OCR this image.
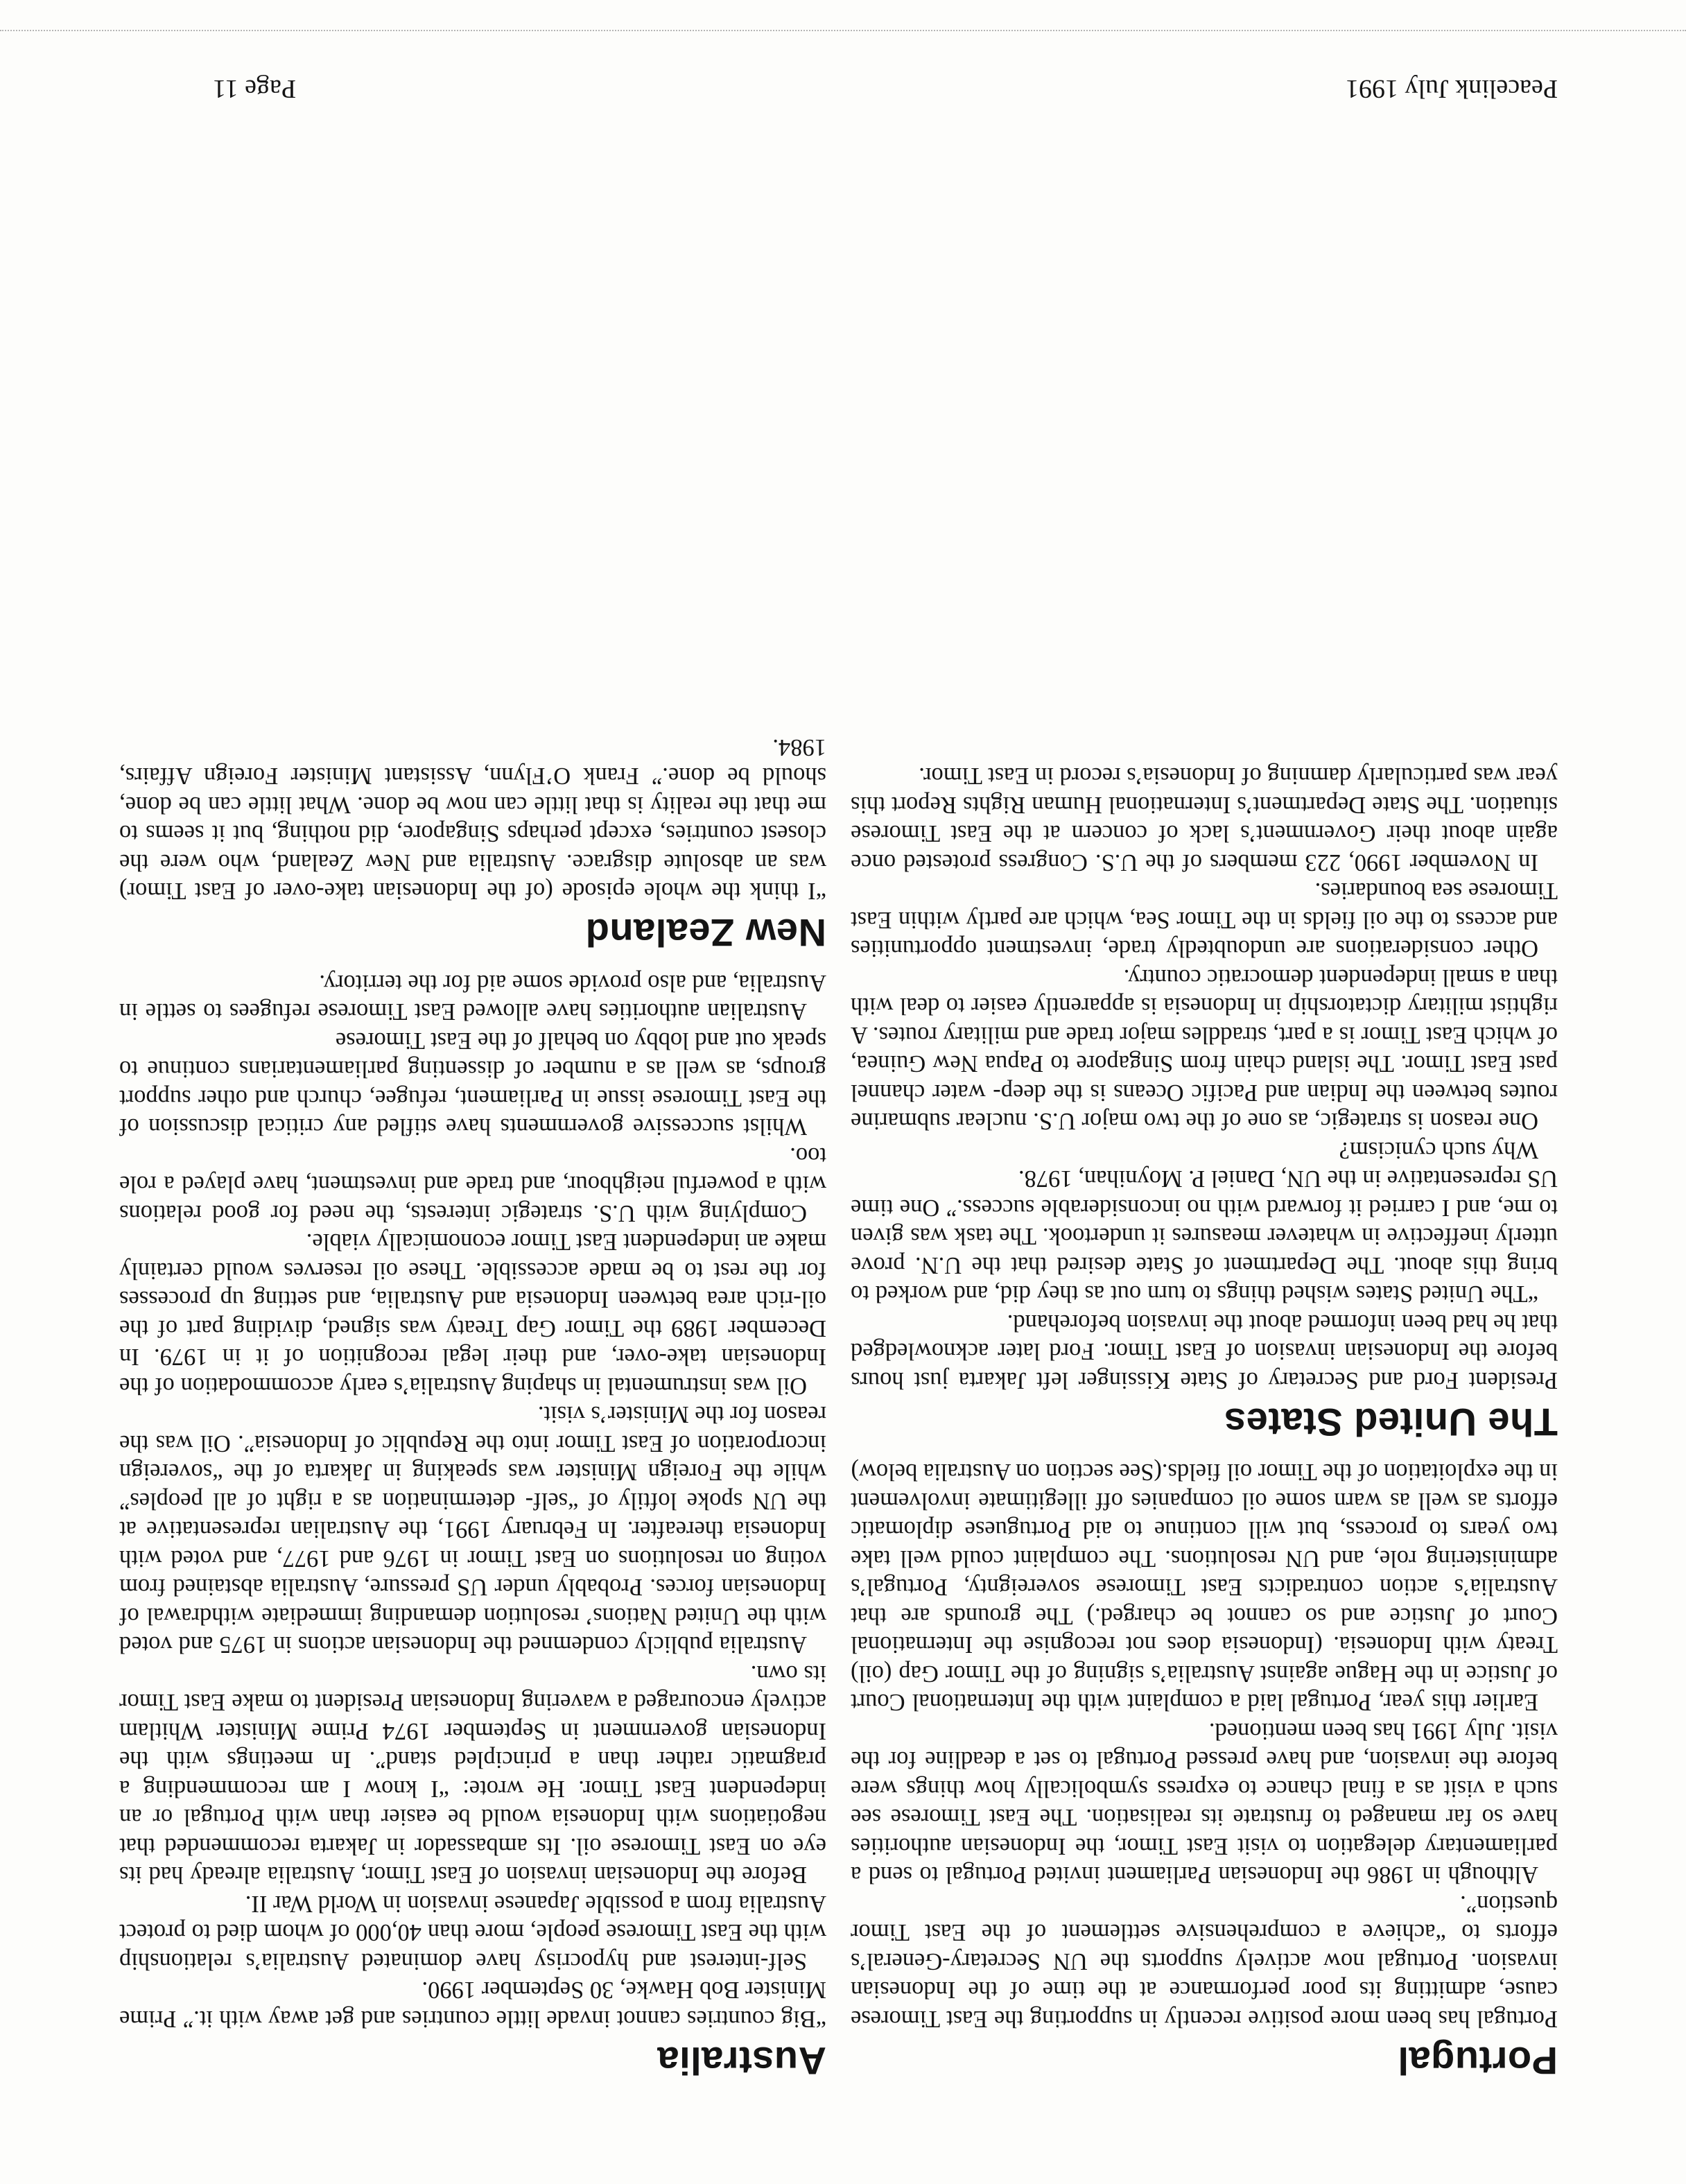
Portugal

Portugal has been more positive recently in supporting the East Timorese cause, admitting its poor performance at the time of the Indonesian invasion. Portugal now actively supports the UN Secretary-General’s efforts to “achieve a comprehensive settlement of the East Timor question”.

Although in 1986 the Indonesian Parliament invited Portugal to send a parliamentary delegation to visit East Timor, the Indonesian authorities have so far managed to frustrate its realisation. The East Timorese see such a visit as a final chance to express symbolically how things were before the invasion, and have pressed Portugal to set a deadline for the visit. July 1991 has been mentioned.

Earlier this year, Portugal laid a complaint with the International Court of Justice in the Hague against Australia’s signing of the Timor Gap (oil) Treaty with Indonesia. (Indonesia does not recognise the International Court of Justice and so cannot be charged.) The grounds are that Australia’s action contradicts East Timorese sovereignty, Portugal’s administering role, and UN resolutions. The complaint could well take two years to process, but will continue to aid Portuguese diplomatic efforts as well as warn some oil companies off illegitimate involvement in the exploitation of the Timor oil fields.(See section on Australia below)

The United States

President Ford and Secretary of State Kissinger left Jakarta just hours before the Indonesian invasion of East Timor. Ford later acknowledged that he had been informed about the invasion beforehand.

“The United States wished things to turn out as they did, and worked to bring this about. The Department of State desired that the U.N. prove utterly ineffective in whatever measures it undertook. The task was given to me, and I carried it forward with no inconsiderable success.” One time US representative in the UN, Daniel P. Moynihan, 1978.

Why such cynicism?

One reason is strategic, as one of the two major U.S. nuclear submarine routes between the Indian and Pacific Oceans is the deep- water channel past East Timor. The island chain from Singapore to Papua New Guinea, of which East Timor is a part, straddles major trade and military routes. A rightist military dictatorship in Indonesia is apparently easier to deal with than a small independent democratic country.

Other considerations are undoubtedly trade, investment opportunities and access to the oil fields in the Timor Sea, which are partly within East Timorese sea boundaries.

In November 1990, 223 members of the U.S. Congress protested once again about their Government’s lack of concern at the East Timorese situation. The State Department’s International Human Rights Report this year was particularly damning of Indonesia’s record in East Timor.

Australia

“Big countries cannot invade little countries and get away with it.” Prime Minister Bob Hawke, 30 September 1990.

Self-interest and hypocrisy have dominated Australia’s relationship with the East Timorese people, more than 40,000 of whom died to protect Australia from a possible Japanese invasion in World War II.

Before the Indonesian invasion of East Timor, Australia already had its eye on East Timorese oil. Its ambassador in Jakarta recommended that negotiations with Indonesia would be easier than with Portugal or an independent East Timor. He wrote: “I know I am recommending a pragmatic rather than a principled stand”. In meetings with the Indonesian government in September 1974 Prime Minister Whitlam actively encouraged a wavering Indonesian President to make East Timor its own.

Australia publicly condemned the Indonesian actions in 1975 and voted with the United Nations’ resolution demanding immediate withdrawal of Indonesian forces. Probably under US pressure, Australia abstained from voting on resolutions on East Timor in 1976 and 1977, and voted with Indonesia thereafter. In February 1991, the Australian representative at the UN spoke loftily of “self- determination as a right of all peoples” while the Foreign Minister was speaking in Jakarta of the “sovereign incorporation of East Timor into the Republic of Indonesia”. Oil was the reason for the Minister’s visit.

Oil was instrumental in shaping Australia’s early accommodation of the Indonesian take-over, and their legal recognition of it in 1979. In December 1989 the Timor Gap Treaty was signed, dividing part of the oil-rich area between Indonesia and Australia, and setting up processes for the rest to be made accessible. These oil reserves would certainly make an independent East Timor economically viable.

Complying with U.S. strategic interests, the need for good relations with a powerful neighbour, and trade and investment, have played a role too.

Whilst successive governments have stifled any critical discussion of the East Timorese issue in Parliament, refugee, church and other support groups, as well as a number of dissenting parliamentarians continue to speak out and lobby on behalf of the East Timorese

Australian authorities have allowed East Timorese refugees to settle in Australia, and also provide some aid for the territory.

New Zealand

“I think the whole episode (of the Indonesian take-over of East Timor) was an absolute disgrace. Australia and New Zealand, who were the closest countries, except perhaps Singapore, did nothing, but it seems to me that the reality is that little can now be done. What little can be done, should be done.” Frank O’Flynn, Assistant Minister Foreign Affairs, 1984.

Peacelink July 1991
Page 11
